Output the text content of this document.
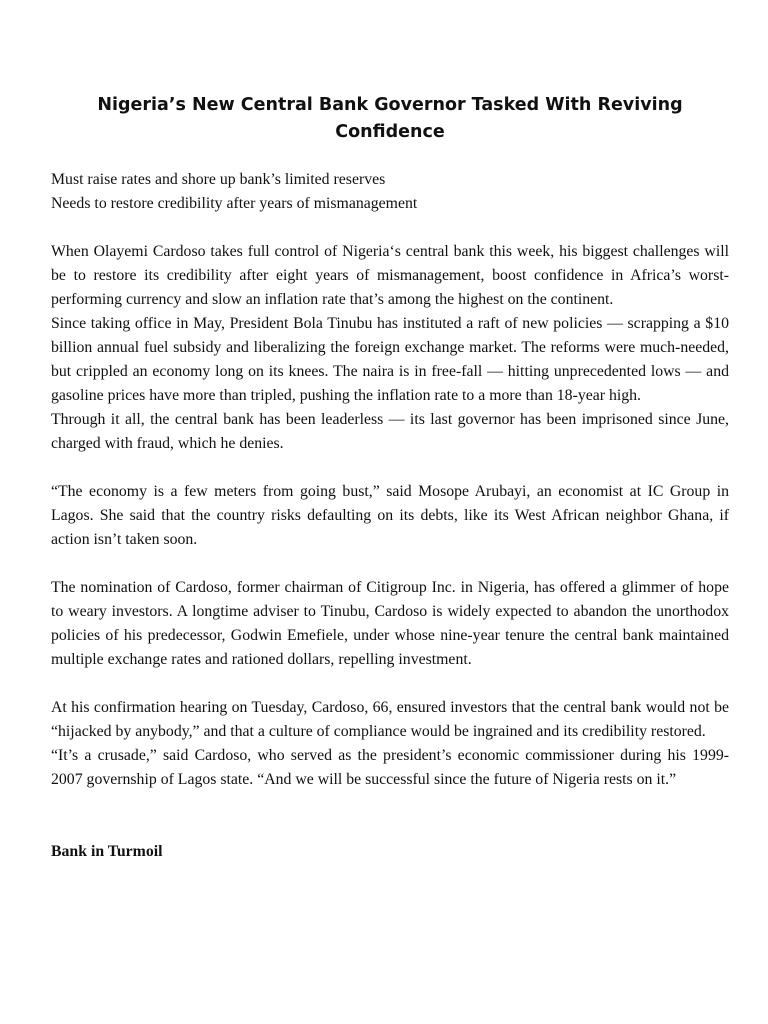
Nigeria’s New Central Bank Governor Tasked With Reviving Confidence
Must raise rates and shore up bank’s limited reserves
Needs to restore credibility after years of mismanagement

When Olayemi Cardoso takes full control of Nigeria‘s central bank this week, his biggest challenges will be to restore its credibility after eight years of mismanagement, boost confidence in Africa’s worst-performing currency and slow an inflation rate that’s among the highest on the continent.

Since taking office in May, President Bola Tinubu has instituted a raft of new policies — scrapping a $10 billion annual fuel subsidy and liberalizing the foreign exchange market. The reforms were much-needed, but crippled an economy long on its knees. The naira is in free-fall — hitting unprecedented lows — and gasoline prices have more than tripled, pushing the inflation rate to a more than 18-year high.

Through it all, the central bank has been leaderless — its last governor has been imprisoned since June, charged with fraud, which he denies.

“The economy is a few meters from going bust,” said Mosope Arubayi, an economist at IC Group in Lagos. She said that the country risks defaulting on its debts, like its West African neighbor Ghana, if action isn’t taken soon.

The nomination of Cardoso, former chairman of Citigroup Inc. in Nigeria, has offered a glimmer of hope to weary investors. A longtime adviser to Tinubu, Cardoso is widely expected to abandon the unorthodox policies of his predecessor, Godwin Emefiele, under whose nine-year tenure the central bank maintained multiple exchange rates and rationed dollars, repelling investment.

At his confirmation hearing on Tuesday, Cardoso, 66, ensured investors that the central bank would not be “hijacked by anybody,” and that a culture of compliance would be ingrained and its credibility restored.

“It’s a crusade,” said Cardoso, who served as the president’s economic commissioner during his 1999-2007 governship of Lagos state. “And we will be successful since the future of Nigeria rests on it.”

Bank in Turmoil
